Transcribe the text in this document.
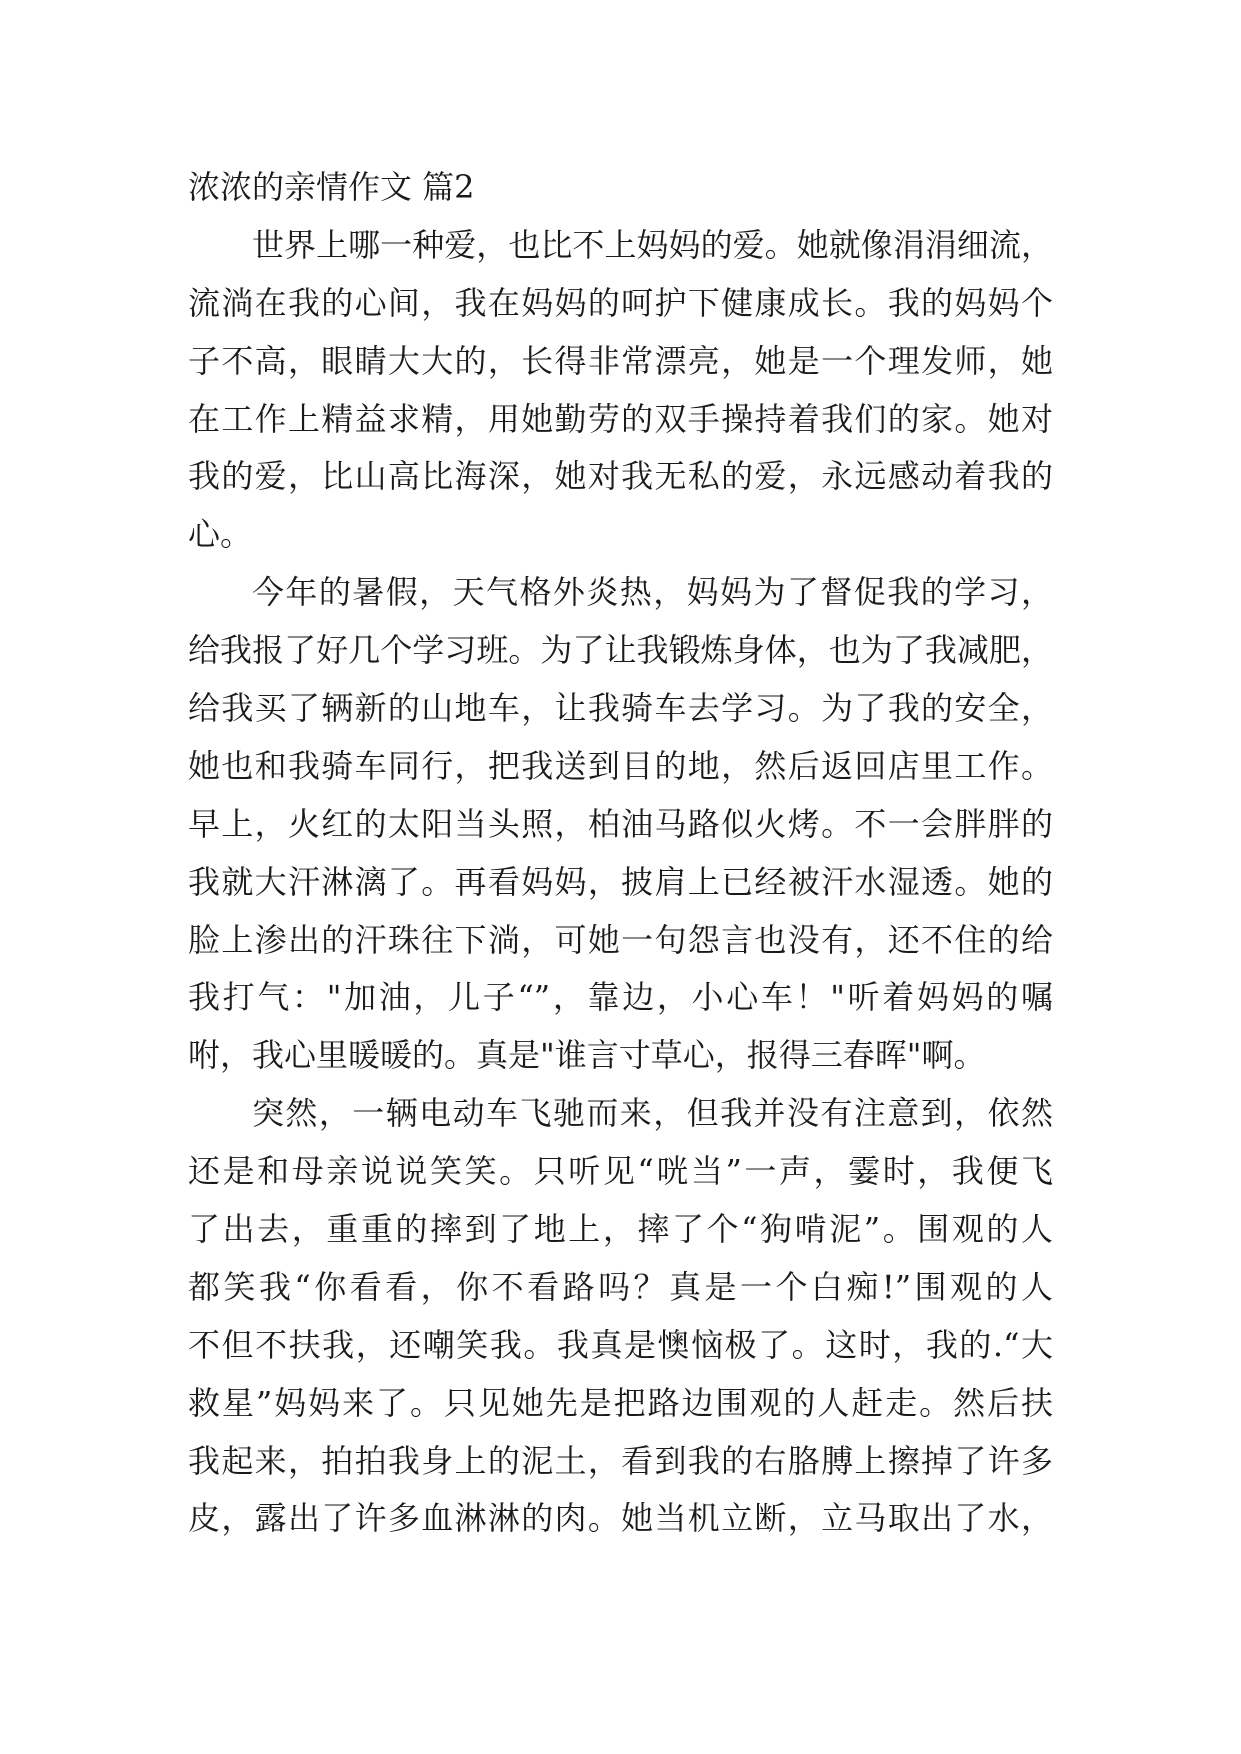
浓浓的亲情作文 篇2
世界上哪一种爱，也比不上妈妈的爱。她就像涓涓细流，
流淌在我的心间，我在妈妈的呵护下健康成长。我的妈妈个
子不高，眼睛大大的，长得非常漂亮，她是一个理发师，她
在工作上精益求精，用她勤劳的双手操持着我们的家。她对
我的爱，比山高比海深，她对我无私的爱，永远感动着我的
心。
今年的暑假，天气格外炎热，妈妈为了督促我的学习，
给我报了好几个学习班。为了让我锻炼身体，也为了我减肥，
给我买了辆新的山地车，让我骑车去学习。为了我的安全，
她也和我骑车同行，把我送到目的地，然后返回店里工作。
早上，火红的太阳当头照，柏油马路似火烤。不一会胖胖的
我就大汗淋漓了。再看妈妈，披肩上已经被汗水湿透。她的
脸上渗出的汗珠往下淌，可她一句怨言也没有，还不住的给
我打气："加油，儿子“”，靠边，小心车！"听着妈妈的嘱
咐，我心里暖暖的。真是"谁言寸草心，报得三春晖"啊。
突然，一辆电动车飞驰而来，但我并没有注意到，依然
还是和母亲说说笑笑。只听见“咣当”一声，霎时，我便飞
了出去，重重的摔到了地上，摔了个“狗啃泥”。围观的人
都笑我“你看看，你不看路吗？真是一个白痴!”围观的人
不但不扶我，还嘲笑我。我真是懊恼极了。这时，我的.“大
救星”妈妈来了。只见她先是把路边围观的人赶走。然后扶
我起来，拍拍我身上的泥土，看到我的右胳膊上擦掉了许多
皮，露出了许多血淋淋的肉。她当机立断，立马取出了水，
